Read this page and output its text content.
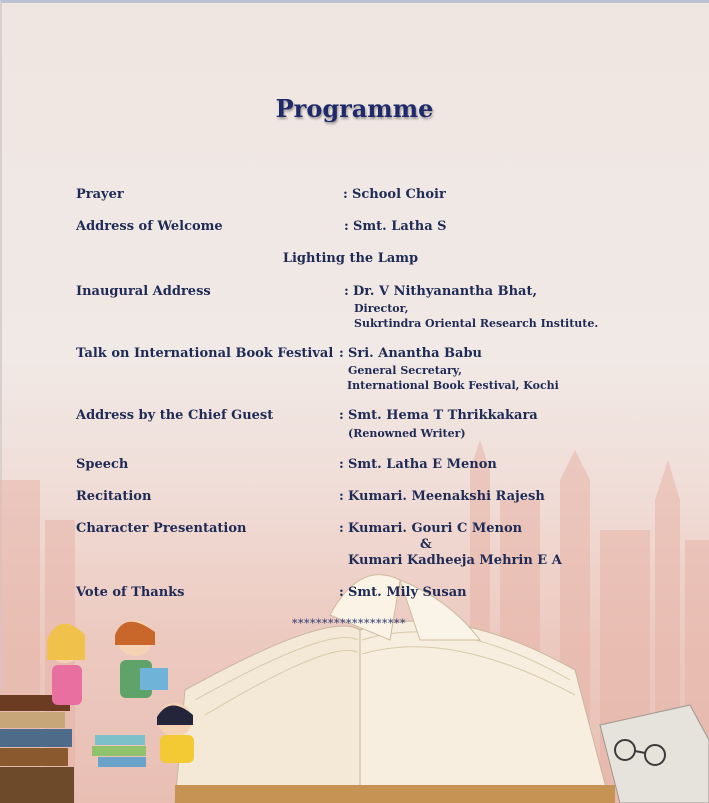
Programme
Prayer	: School Choir
Address of Welcome	: Smt. Latha S
Lighting the Lamp
Inaugural Address	: Dr. V Nithyanantha Bhat,
Director,
Sukrtindra Oriental Research Institute.
Talk on International Book Festival : Sri. Anantha Babu
General Secretary,
International Book Festival, Kochi
Address by the Chief Guest	: Smt. Hema T Thrikkakara
(Renowned Writer)
Speech	: Smt. Latha E Menon
Recitation	: Kumari. Meenakshi Rajesh
Character Presentation	: Kumari. Gouri C Menon
&
Kumari Kadheeja Mehrin E A
Vote of Thanks	: Smt. Mily Susan
*******************
